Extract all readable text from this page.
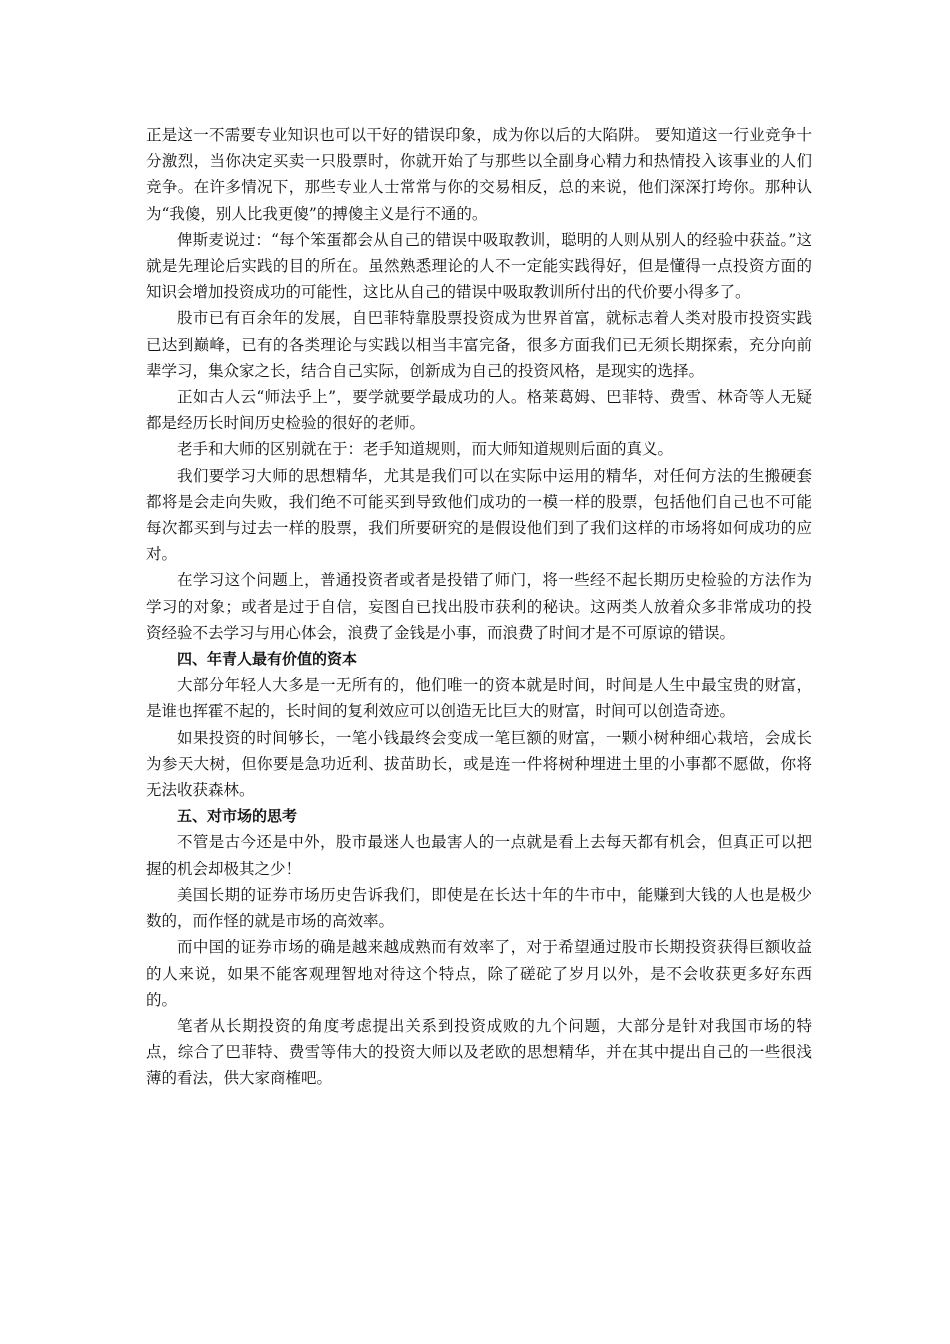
正是这一不需要专业知识也可以干好的错误印象，成为你以后的大陷阱。 要知道这一行业竞争十分激烈，当你决定买卖一只股票时，你就开始了与那些以全副身心精力和热情投入该事业的人们竞争。在许多情况下，那些专业人士常常与你的交易相反，总的来说，他们深深打垮你。那种认为“我傻，别人比我更傻”的搏傻主义是行不通的。

俾斯麦说过：“每个笨蛋都会从自己的错误中吸取教训，聪明的人则从别人的经验中获益。”这就是先理论后实践的目的所在。虽然熟悉理论的人不一定能实践得好，但是懂得一点投资方面的知识会增加投资成功的可能性，这比从自己的错误中吸取教训所付出的代价要小得多了。

股市已有百余年的发展，自巴菲特靠股票投资成为世界首富，就标志着人类对股市投资实践已达到巅峰，已有的各类理论与实践以相当丰富完备，很多方面我们已无须长期探索，充分向前辈学习，集众家之长，结合自己实际，创新成为自己的投资风格，是现实的选择。

正如古人云“师法乎上”，要学就要学最成功的人。格莱葛姆、巴菲特、费雪、林奇等人无疑都是经历长时间历史检验的很好的老师。

老手和大师的区别就在于：老手知道规则，而大师知道规则后面的真义。

我们要学习大师的思想精华，尤其是我们可以在实际中运用的精华，对任何方法的生搬硬套都将是会走向失败，我们绝不可能买到导致他们成功的一模一样的股票，包括他们自己也不可能每次都买到与过去一样的股票，我们所要研究的是假设他们到了我们这样的市场将如何成功的应对。

在学习这个问题上，普通投资者或者是投错了师门，将一些经不起长期历史检验的方法作为学习的对象；或者是过于自信，妄图自已找出股市获利的秘诀。这两类人放着众多非常成功的投资经验不去学习与用心体会，浪费了金钱是小事，而浪费了时间才是不可原谅的错误。

四、年青人最有价值的资本

大部分年轻人大多是一无所有的，他们唯一的资本就是时间，时间是人生中最宝贵的财富，是谁也挥霍不起的，长时间的复利效应可以创造无比巨大的财富，时间可以创造奇迹。

如果投资的时间够长，一笔小钱最终会变成一笔巨额的财富，一颗小树种细心栽培，会成长为参天大树，但你要是急功近利、拔苗助长，或是连一件将树种埋进土里的小事都不愿做，你将无法收获森林。

五、对市场的思考

不管是古今还是中外，股市最迷人也最害人的一点就是看上去每天都有机会，但真正可以把握的机会却极其之少！

美国长期的证券市场历史告诉我们，即使是在长达十年的牛市中，能赚到大钱的人也是极少数的，而作怪的就是市场的高效率。

而中国的证券市场的确是越来越成熟而有效率了，对于希望通过股市长期投资获得巨额收益的人来说，如果不能客观理智地对待这个特点，除了磋砣了岁月以外，是不会收获更多好东西的。

笔者从长期投资的角度考虑提出关系到投资成败的九个问题，大部分是针对我国市场的特点，综合了巴菲特、费雪等伟大的投资大师以及老欧的思想精华，并在其中提出自己的一些很浅薄的看法，供大家商榷吧。
